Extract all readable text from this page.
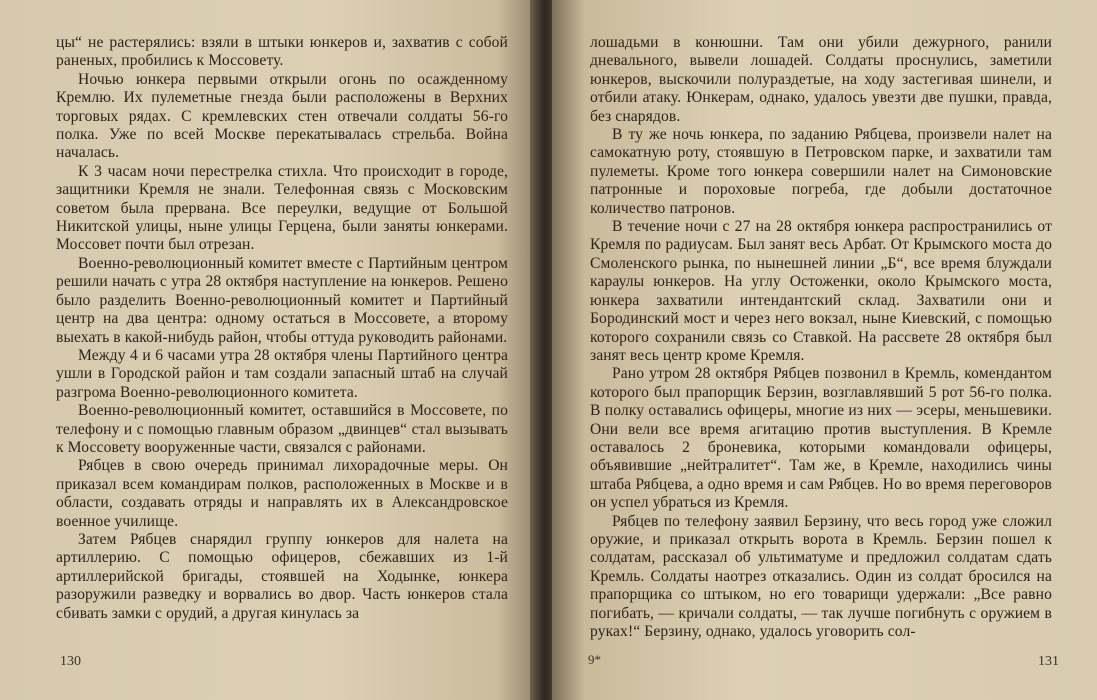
цы“ не растерялись: взяли в штыки юнкеров и, захватив с собой раненых, пробились к Моссовету.

Ночью юнкера первыми открыли огонь по осажденному Кремлю. Их пулеметные гнезда были расположены в Верхних торговых рядах. С кремлевских стен отвечали солдаты 56-го полка. Уже по всей Москве перекатывалась стрельба. Война началась.

К 3 часам ночи перестрелка стихла. Что происходит в городе, защитники Кремля не знали. Телефонная связь с Московским советом была прервана. Все переулки, ведущие от Большой Никитской улицы, ныне улицы Герцена, были заняты юнкерами. Моссовет почти был отрезан.

Военно-революционный комитет вместе с Партийным центром решили начать с утра 28 октября наступление на юнкеров. Решено было разделить Военно-революционный комитет и Партийный центр на два центра: одному остаться в Моссовете, а второму выехать в какой-нибудь район, чтобы оттуда руководить районами.

Между 4 и 6 часами утра 28 октября члены Партийного центра ушли в Городской район и там создали запасный штаб на случай разгрома Военно-революционного комитета.

Военно-революционный комитет, оставшийся в Моссовете, по телефону и с помощью главным образом „двинцев“ стал вызывать к Моссовету вооруженные части, связался с районами.

Рябцев в свою очередь принимал лихорадочные меры. Он приказал всем командирам полков, расположенных в Москве и в области, создавать отряды и направлять их в Александровское военное училище.

Затем Рябцев снарядил группу юнкеров для налета на артиллерию. С помощью офицеров, сбежавших из 1-й артиллерийской бригады, стоявшей на Ходынке, юнкера разоружили разведку и ворвались во двор. Часть юнкеров стала сбивать замки с орудий, а другая кинулась за

130

лошадьми в конюшни. Там они убили дежурного, ранили дневального, вывели лошадей. Солдаты проснулись, заметили юнкеров, выскочили полураздетые, на ходу застегивая шинели, и отбили атаку. Юнкерам, однако, удалось увезти две пушки, правда, без снарядов.

В ту же ночь юнкера, по заданию Рябцева, произвели налет на самокатную роту, стоявшую в Петровском парке, и захватили там пулеметы. Кроме того юнкера совершили налет на Симоновские патронные и пороховые погреба, где добыли достаточное количество патронов.

В течение ночи с 27 на 28 октября юнкера распространились от Кремля по радиусам. Был занят весь Арбат. От Крымского моста до Смоленского рынка, по нынешней линии „Б“, все время блуждали караулы юнкеров. На углу Остоженки, около Крымского моста, юнкера захватили интендантский склад. Захватили они и Бородинский мост и через него вокзал, ныне Киевский, с помощью которого сохранили связь со Ставкой. На рассвете 28 октября был занят весь центр кроме Кремля.

Рано утром 28 октября Рябцев позвонил в Кремль, комендантом которого был прапорщик Берзин, возглавлявший 5 рот 56-го полка. В полку оставались офицеры, многие из них — эсеры, меньшевики. Они вели все время агитацию против выступления. В Кремле оставалось 2 броневика, которыми командовали офицеры, объявившие „нейтралитет“. Там же, в Кремле, находились чины штаба Рябцева, а одно время и сам Рябцев. Но во время переговоров он успел убраться из Кремля.

Рябцев по телефону заявил Берзину, что весь город уже сложил оружие, и приказал открыть ворота в Кремль. Берзин пошел к солдатам, рассказал об ультиматуме и предложил солдатам сдать Кремль. Солдаты наотрез отказались. Один из солдат бросился на прапорщика со штыком, но его товарищи удержали: „Все равно погибать, — кричали солдаты, — так лучше погибнуть с оружием в руках!“ Берзину, однако, удалось уговорить сол-

9*	131
